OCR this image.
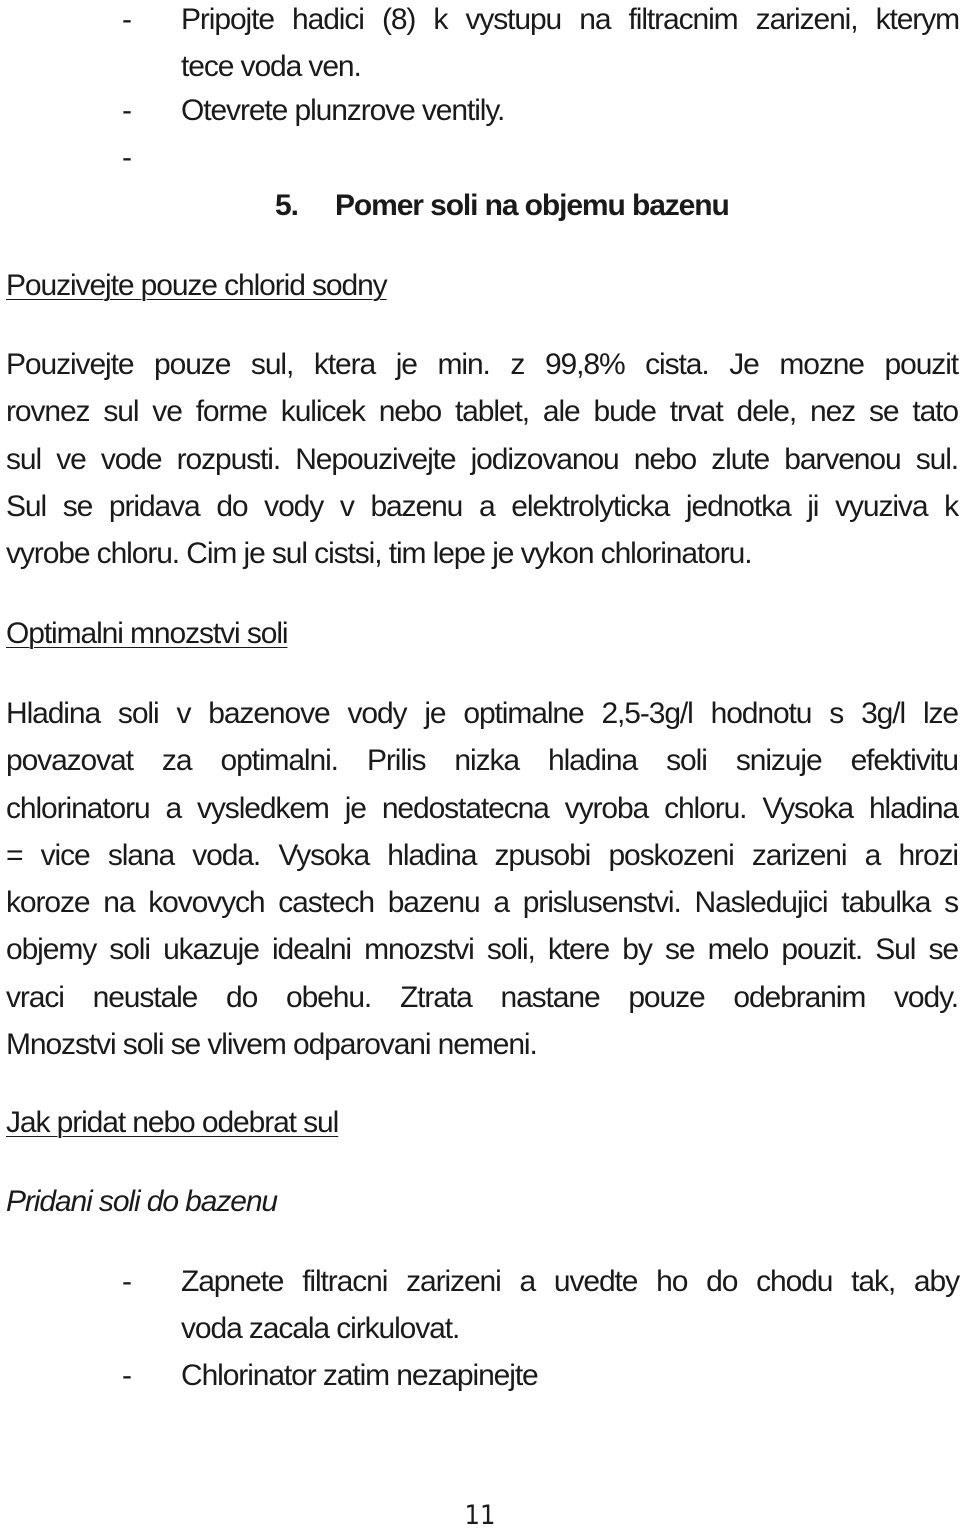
- Pripojte hadici (8) k vystupu na filtracnim zarizeni, kterym
tece voda ven.
- Otevrete plunzrove ventily.
-
5. Pomer soli na objemu bazenu
Pouzivejte pouze chlorid sodny
Pouzivejte pouze sul, ktera je min. z 99,8% cista. Je mozne pouzit
rovnez sul ve forme kulicek nebo tablet, ale bude trvat dele, nez se tato
sul ve vode rozpusti. Nepouzivejte jodizovanou nebo zlute barvenou sul.
Sul se pridava do vody v bazenu a elektrolyticka jednotka ji vyuziva k
vyrobe chloru. Cim je sul cistsi, tim lepe je vykon chlorinatoru.
Optimalni mnozstvi soli
Hladina soli v bazenove vody je optimalne 2,5-3g/l hodnotu s 3g/l lze
povazovat za optimalni. Prilis nizka hladina soli snizuje efektivitu
chlorinatoru a vysledkem je nedostatecna vyroba chloru. Vysoka hladina
= vice slana voda. Vysoka hladina zpusobi poskozeni zarizeni a hrozi
koroze na kovovych castech bazenu a prislusenstvi. Nasledujici tabulka s
objemy soli ukazuje idealni mnozstvi soli, ktere by se melo pouzit. Sul se
vraci neustale do obehu. Ztrata nastane pouze odebranim vody.
Mnozstvi soli se vlivem odparovani nemeni.
Jak pridat nebo odebrat sul
Pridani soli do bazenu
- Zapnete filtracni zarizeni a uvedte ho do chodu tak, aby
voda zacala cirkulovat.
- Chlorinator zatim nezapinejte
11
